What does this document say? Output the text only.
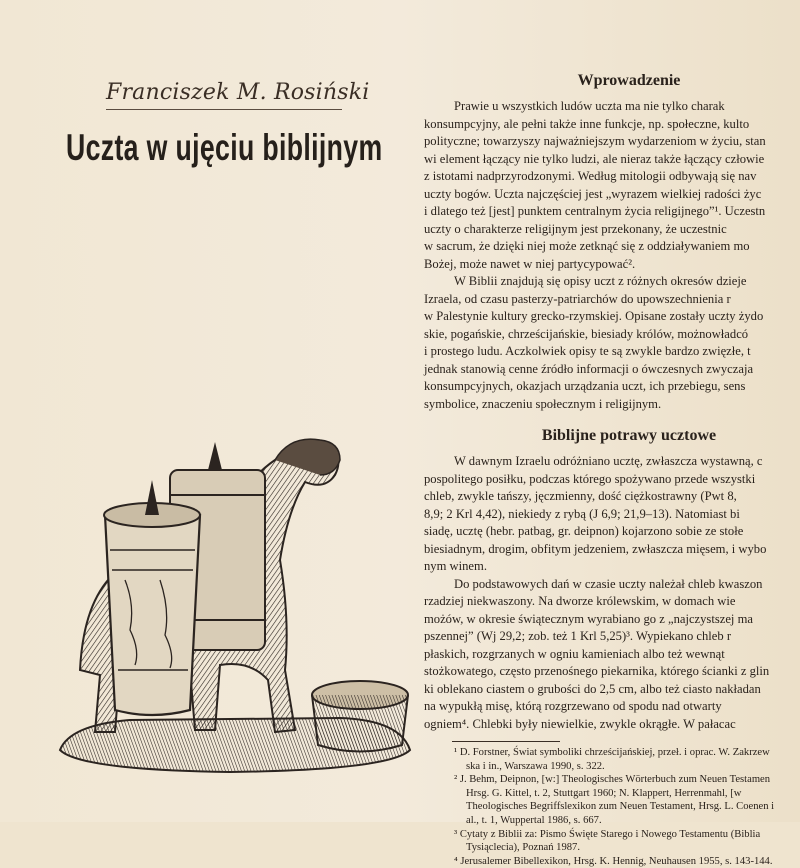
Franciszek M. Rosiński
Uczta w ujęciu biblijnym
Wprowadzenie
Prawie u wszystkich ludów uczta ma nie tylko charak
konsumpcyjny, ale pełni także inne funkcje, np. społeczne, kulto
polityczne; towarzyszy najważniejszym wydarzeniom w życiu, stan
wi element łączący nie tylko ludzi, ale nieraz także łączący człowie
z istotami nadprzyrodzonymi. Według mitologii odbywają się nav
uczty bogów. Uczta najczęściej jest „wyrazem wielkiej radości życ
i dlatego też [jest] punktem centralnym życia religijnego”¹. Uczestn
uczty o charakterze religijnym jest przekonany, że uczestnic
w sacrum, że dzięki niej może zetknąć się z oddziaływaniem mo
Bożej, może nawet w niej partycypować².
W Biblii znajdują się opisy uczt z różnych okresów dzieje
Izraela, od czasu pasterzy-patriarchów do upowszechnienia r
w Palestynie kultury grecko-rzymskiej. Opisane zostały uczty żydo
skie, pogańskie, chrześcijańskie, biesiady królów, możnowładcó
i prostego ludu. Aczkolwiek opisy te są zwykle bardzo zwięzłe, t
jednak stanowią cenne źródło informacji o ówczesnych zwyczaja
konsumpcyjnych, okazjach urządzania uczt, ich przebiegu, sens
symbolice, znaczeniu społecznym i religijnym.
Biblijne potrawy ucztowe
W dawnym Izraelu odróżniano ucztę, zwłaszcza wystawną, c
pospolitego posiłku, podczas którego spożywano przede wszystki
chleb, zwykle tańszy, jęczmienny, dość ciężkostrawny (Pwt 8,
8,9; 2 Krl 4,42), niekiedy z rybą (J 6,9; 21,9–13). Natomiast bi
siadę, ucztę (hebr. patbag, gr. deipnon) kojarzono sobie ze stołe
biesiadnym, drogim, obfitym jedzeniem, zwłaszcza mięsem, i wybo
nym winem.
Do podstawowych dań w czasie uczty należał chleb kwaszon
rzadziej niekwaszony. Na dworze królewskim, w domach wie
możów, w okresie świątecznym wyrabiano go z „najczystszej ma
pszennej” (Wj 29,2; zob. też 1 Krl 5,25)³. Wypiekano chleb r
płaskich, rozgrzanych w ogniu kamieniach albo też wewnąt
stożkowatego, często przenośnego piekarnika, którego ścianki z glin
ki oblekano ciastem o grubości do 2,5 cm, albo też ciasto nakładan
na wypukłą misę, którą rozgrzewano od spodu nad otwarty
ogniem⁴. Chlebki były niewielkie, zwykle okrągłe. W pałacac
¹ D. Forstner, Świat symboliki chrześcijańskiej, przeł. i oprac. W. Zakrzew
ska i in., Warszawa 1990, s. 322.
² J. Behm, Deipnon, [w:] Theologisches Wörterbuch zum Neuen Testamen
Hrsg. G. Kittel, t. 2, Stuttgart 1960; N. Klappert, Herrenmahl, [w
Theologisches Begriffslexikon zum Neuen Testament, Hrsg. L. Coenen i
al., t. 1, Wuppertal 1986, s. 667.
³ Cytaty z Biblii za: Pismo Święte Starego i Nowego Testamentu (Biblia
Tysiąclecia), Poznań 1987.
⁴ Jerusalemer Bibellexikon, Hrsg. K. Hennig, Neuhausen 1955, s. 143-144.
